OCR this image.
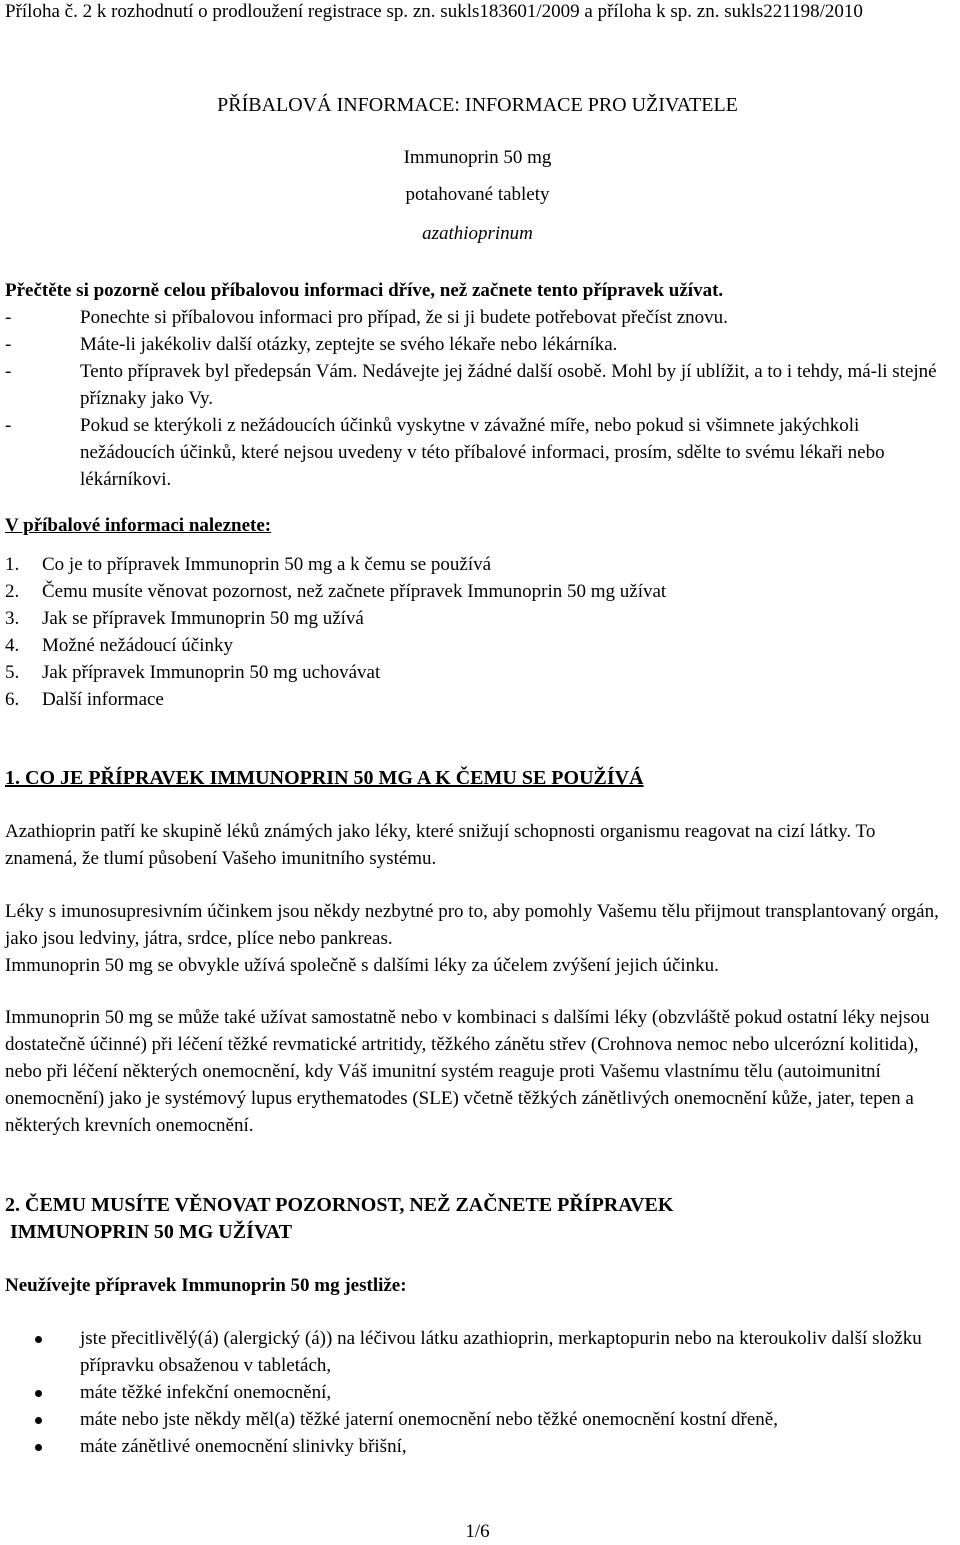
Příloha č. 2 k rozhodnutí o prodloužení registrace sp. zn. sukls183601/2009 a příloha k sp. zn. sukls221198/2010
PŘÍBALOVÁ INFORMACE: INFORMACE PRO UŽIVATELE
Immunoprin 50 mg
potahované tablety
azathioprinum
Přečtěte si pozorně celou příbalovou informaci dříve, než začnete tento přípravek užívat.
-	Ponechte si příbalovou informaci pro případ, že si ji budete potřebovat přečíst znovu.
-	Máte-li jakékoliv další otázky, zeptejte se svého lékaře nebo lékárníka.
-	Tento přípravek byl předepsán Vám. Nedávejte jej žádné další osobě. Mohl by jí ublížit, a to i tehdy, má-li stejné příznaky jako Vy.
-	Pokud se kterýkoli z nežádoucích účinků vyskytne v závažné míře, nebo pokud si všimnete jakýchkoli nežádoucích účinků, které nejsou uvedeny v této příbalové informaci, prosím, sdělte to svému lékaři nebo lékárníkovi.
V příbalové informaci naleznete:
1. Co je to přípravek Immunoprin 50 mg a k čemu se používá
2. Čemu musíte věnovat pozornost, než začnete přípravek Immunoprin 50 mg užívat
3. Jak se přípravek Immunoprin 50 mg užívá
4. Možné nežádoucí účinky
5. Jak přípravek Immunoprin 50 mg uchovávat
6. Další informace
1. CO JE PŘÍPRAVEK IMMUNOPRIN 50 MG A K ČEMU SE POUŽÍVÁ
Azathioprin patří ke skupině léků známých jako léky, které snižují schopnosti organismu reagovat na cizí látky. To znamená, že tlumí působení Vašeho imunitního systému.
Léky s imunosupresivním účinkem jsou někdy nezbytné pro to, aby pomohly Vašemu tělu přijmout transplantovaný orgán, jako jsou ledviny, játra, srdce, plíce nebo pankreas.
Immunoprin 50 mg se obvykle užívá společně s dalšími léky za účelem zvýšení jejich účinku.
Immunoprin 50 mg se může také užívat samostatně nebo v kombinaci s dalšími léky (obzvláště pokud ostatní léky nejsou dostatečně účinné) při léčení těžké revmatické artritidy, těžkého zánětu střev (Crohnova nemoc nebo ulcerózní kolitida), nebo při léčení některých onemocnění, kdy Váš imunitní systém reaguje proti Vašemu vlastnímu tělu (autoimunitní onemocnění) jako je systémový lupus erythematodes (SLE) včetně těžkých zánětlivých onemocnění kůže, jater, tepen a některých krevních onemocnění.
2. ČEMU MUSÍTE VĚNOVAT POZORNOST, NEŽ ZAČNETE PŘÍPRAVEK
IMMUNOPRIN 50 MG UŽÍVAT
Neužívejte přípravek Immunoprin 50 mg jestliže:
jste přecitlivělý(á) (alergický (á)) na léčivou látku azathioprin, merkaptopurin nebo na kteroukoliv další složku přípravku obsaženou v tabletách,
máte těžké infekční onemocnění,
máte nebo jste někdy měl(a) těžké jaterní onemocnění nebo těžké onemocnění kostní dřeně,
máte zánětlivé onemocnění slinivky břišní,
1/6
